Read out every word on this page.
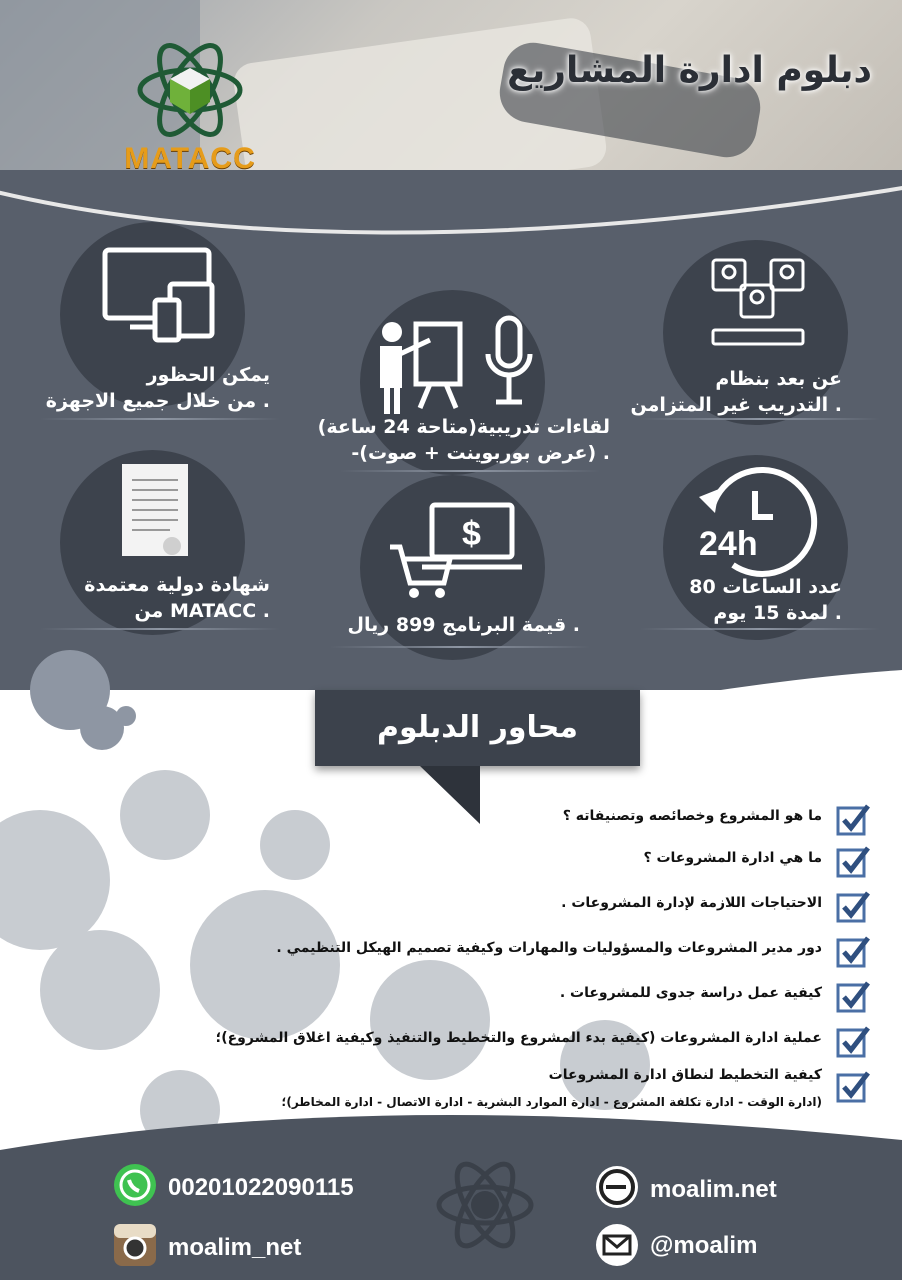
MATACC
دبلوم ادارة المشاريع
عن بعد بنظام
التدريب غير المتزامن .
لقاءات تدريبية(متاحة 24 ساعة)
-(عرض بوربوينت + صوت) .
يمكن الحظور
من خلال جميع الاجهزة .
24h
عدد الساعات 80
لمدة 15 يوم .
$
قيمة البرنامج 899 ريال .
شهادة دولية معتمدة
من MATACC .
محاور الدبلوم
ما هو المشروع وخصائصه وتصنيفاته ؟
ما هي ادارة المشروعات ؟
الاحتياجات اللازمة لإدارة المشروعات .
دور مدير المشروعات والمسؤوليات والمهارات وكيفية تصميم الهيكل التنظيمي .
كيفية عمل دراسة جدوى للمشروعات .
عملية ادارة المشروعات (كيفية بدء المشروع والتخطيط والتنفيذ وكيفية اغلاق المشروع)؛
كيفية التخطيط لنطاق ادارة المشروعات
(ادارة الوقت - ادارة تكلفة المشروع - ادارة الموارد البشرية - ادارة الاتصال - ادارة المخاطر)؛
00201022090115
moalim_net
moalim.net
@moalim
